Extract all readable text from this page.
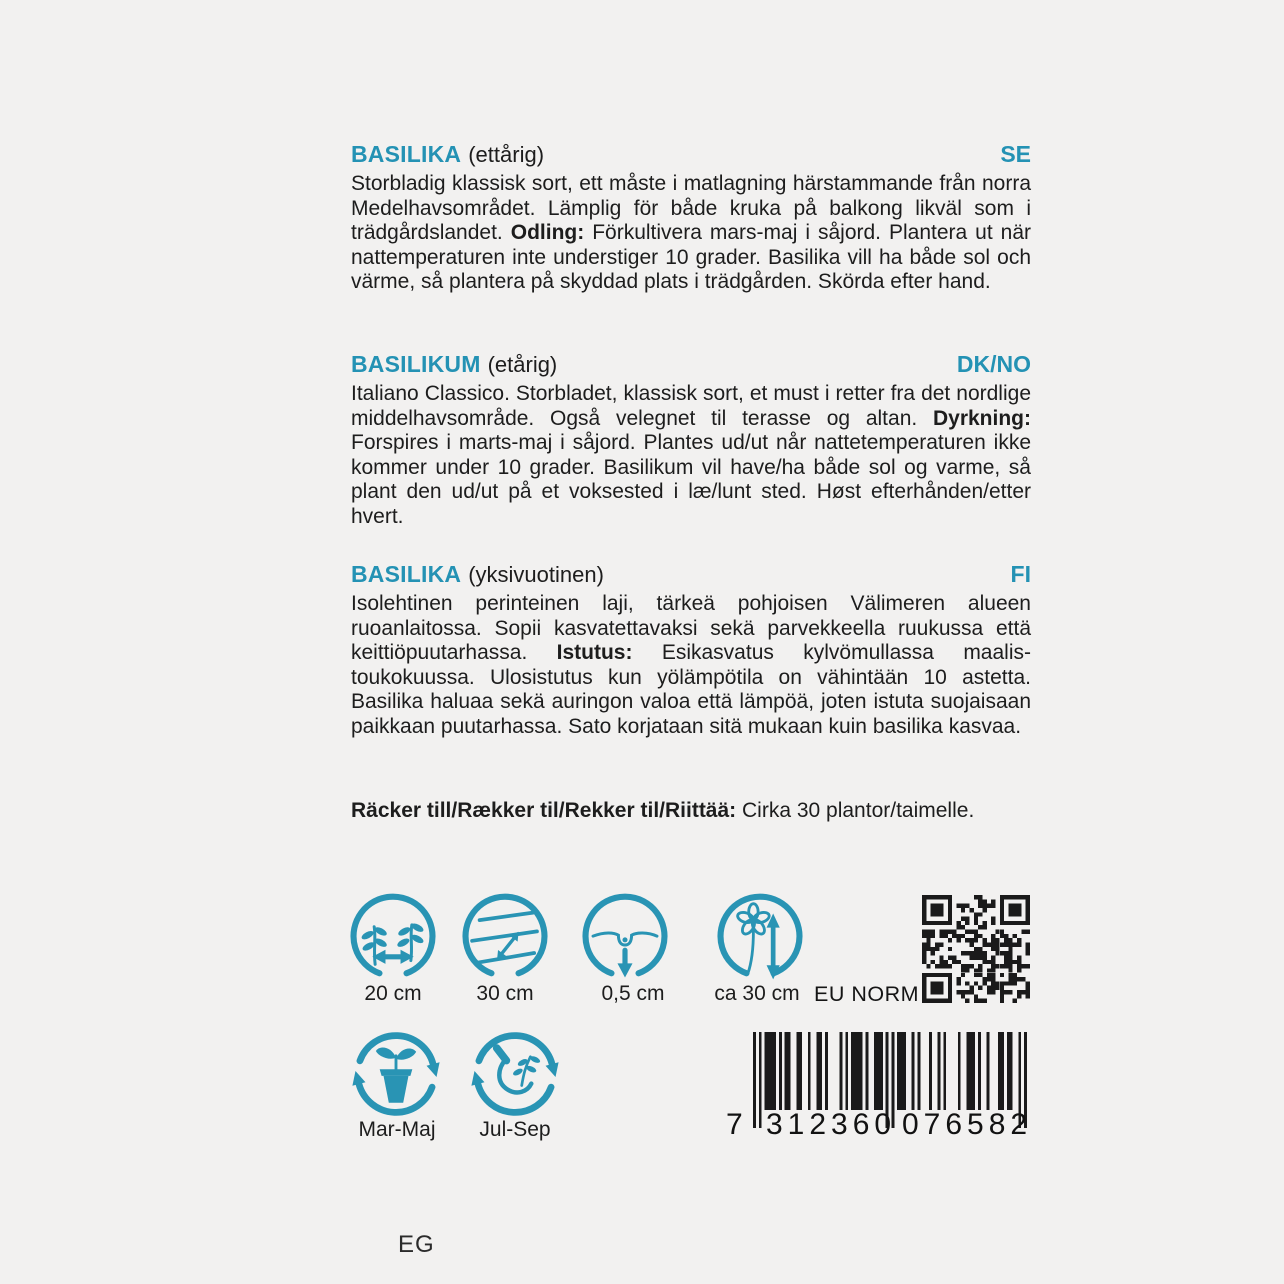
BASILIKA (ettårig)	SE
Storbladig klassisk sort, ett måste i matlagning härstammande från norra Medelhavsområdet. Lämplig för både kruka på balkong likväl som i trädgårdslandet. Odling: Förkultivera mars-maj i såjord. Plantera ut när nattemperaturen inte understiger 10 grader. Basilika vill ha både sol och värme, så plantera på skyddad plats i trädgården. Skörda efter hand.
BASILIKUM (etårig)	DK/NO
Italiano Classico. Storbladet, klassisk sort, et must i retter fra det nordlige middelhavsområde. Også velegnet til terasse og altan. Dyrkning: Forspires i marts-maj i såjord. Plantes ud/ut når nattetemperaturen ikke kommer under 10 grader. Basilikum vil have/ha både sol og varme, så plant den ud/ut på et voksested i læ/lunt sted. Høst efterhånden/etter hvert.
BASILIKA (yksivuotinen)	FI
Isolehtinen perinteinen laji, tärkeä pohjoisen Välimeren alueen ruoanlaitossa. Sopii kasvatettavaksi sekä parvekkeella ruukussa että keittiöpuutarhassa. Istutus: Esikasvatus kylvömullassa maalis-toukokuussa. Ulosistutus kun yölämpötila on vähintään 10 astetta. Basilika haluaa sekä auringon valoa että lämpöä, joten istuta suojaisaan paikkaan puutarhassa. Sato korjataan sitä mukaan kuin basilika kasvaa.
Räcker till/Rækker til/Rekker til/Riittää: Cirka 30 plantor/taimelle.
20 cm	30 cm	0,5 cm	ca 30 cm EU NORM
Mar-Maj	Jul-Sep	7 312360 076582
EG
